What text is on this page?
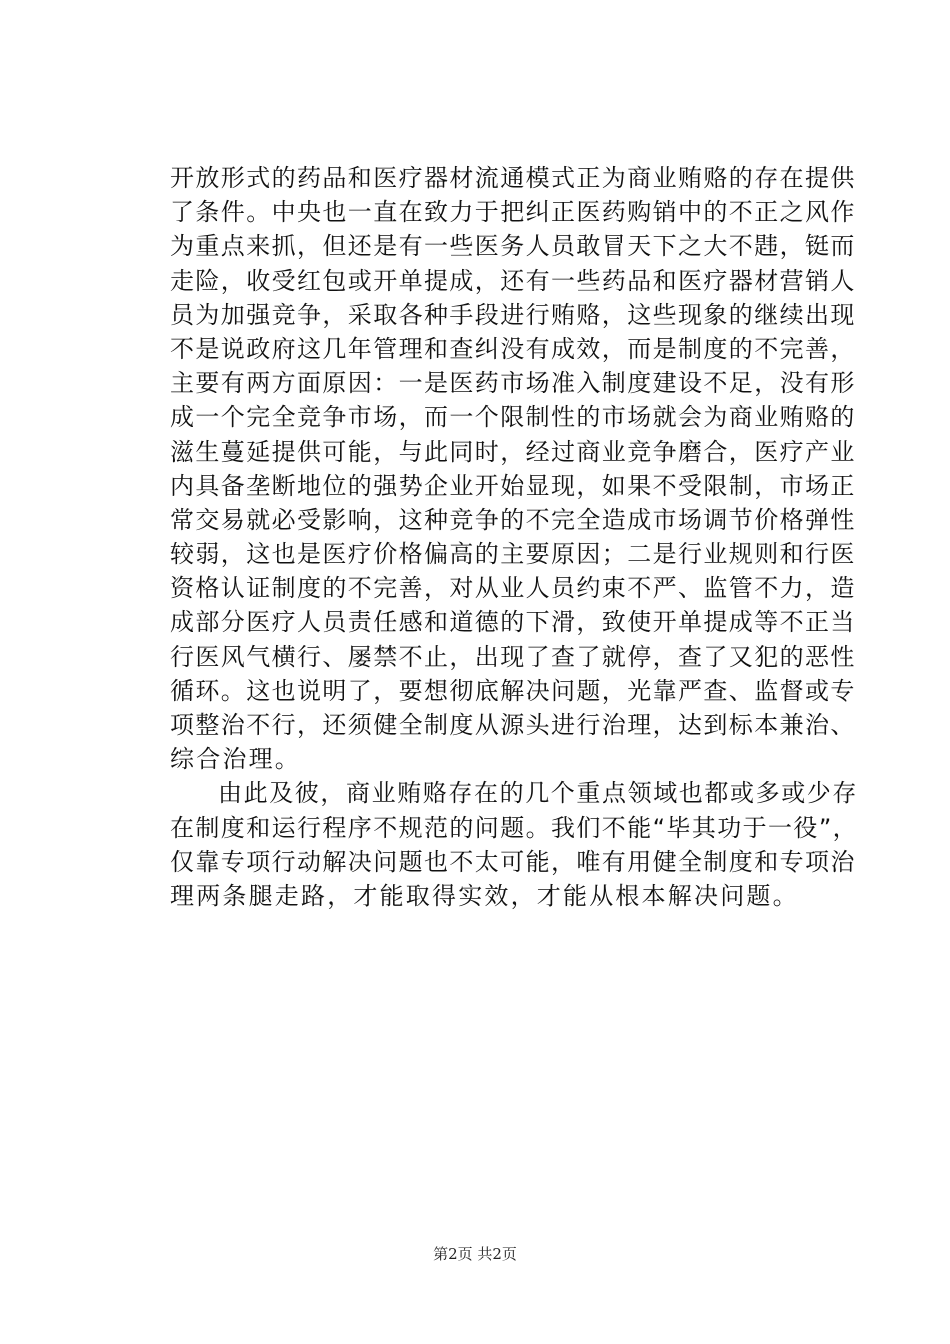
开放形式的药品和医疗器材流通模式正为商业贿赂的存在提供
了条件。中央也一直在致力于把纠正医药购销中的不正之风作
为重点来抓，但还是有一些医务人员敢冒天下之大不韪，铤而
走险，收受红包或开单提成，还有一些药品和医疗器材营销人
员为加强竞争，采取各种手段进行贿赂，这些现象的继续出现
不是说政府这几年管理和查纠没有成效，而是制度的不完善，
主要有两方面原因：一是医药市场准入制度建设不足，没有形
成一个完全竞争市场，而一个限制性的市场就会为商业贿赂的
滋生蔓延提供可能，与此同时，经过商业竞争磨合，医疗产业
内具备垄断地位的强势企业开始显现，如果不受限制，市场正
常交易就必受影响，这种竞争的不完全造成市场调节价格弹性
较弱，这也是医疗价格偏高的主要原因；二是行业规则和行医
资格认证制度的不完善，对从业人员约束不严、监管不力，造
成部分医疗人员责任感和道德的下滑，致使开单提成等不正当
行医风气横行、屡禁不止，出现了查了就停，查了又犯的恶性
循环。这也说明了，要想彻底解决问题，光靠严查、监督或专
项整治不行，还须健全制度从源头进行治理，达到标本兼治、
综合治理。
由此及彼，商业贿赂存在的几个重点领域也都或多或少存
在制度和运行程序不规范的问题。我们不能“毕其功于一役”，
仅靠专项行动解决问题也不太可能，唯有用健全制度和专项治
理两条腿走路，才能取得实效，才能从根本解决问题。
第2页 共2页
